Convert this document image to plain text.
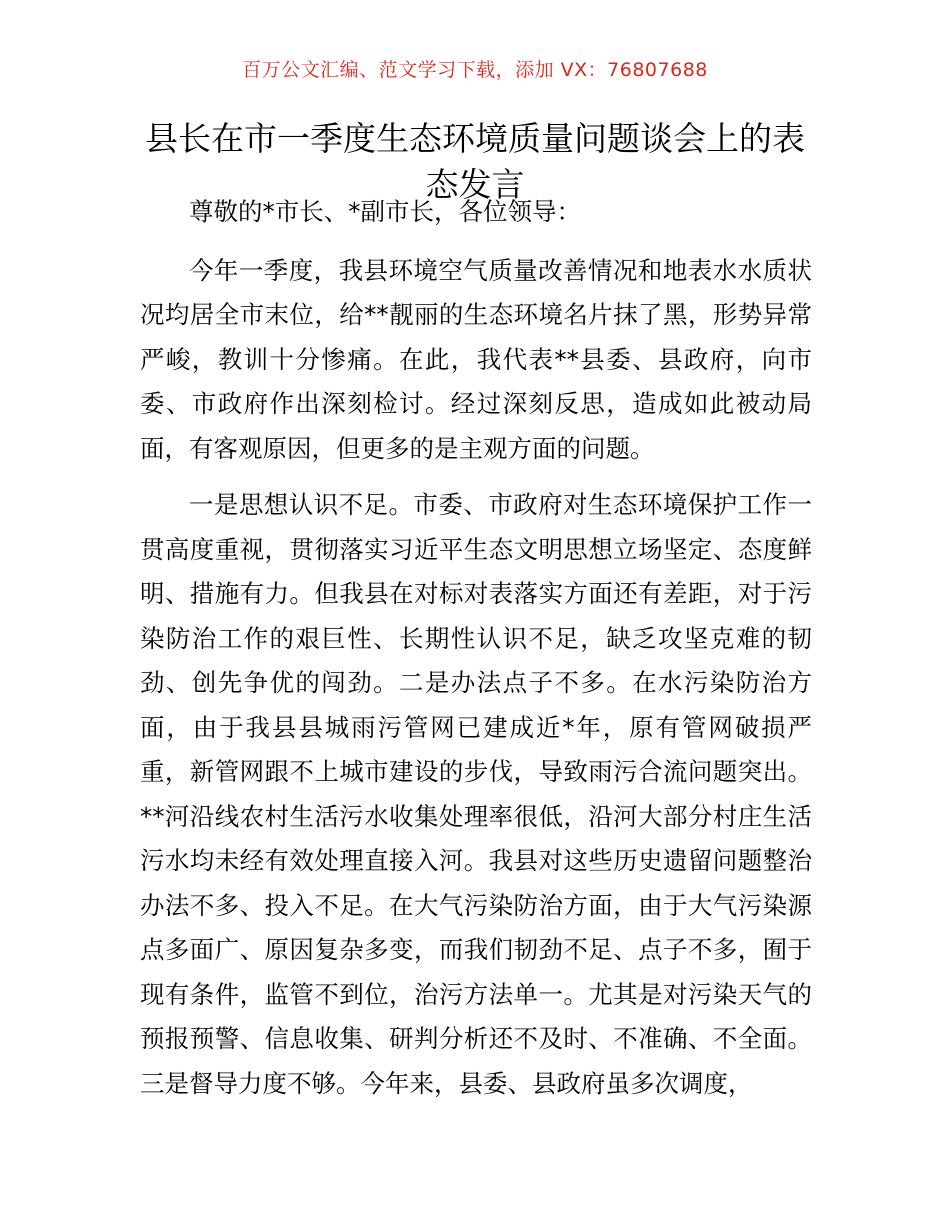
百万公文汇编、范文学习下载，添加 VX：76807688
县长在市一季度生态环境质量问题谈会上的表态发言

尊敬的*市长、*副市长，各位领导：

今年一季度，我县环境空气质量改善情况和地表水水质状况均居全市末位，给**靓丽的生态环境名片抹了黑，形势异常严峻，教训十分惨痛。在此，我代表**县委、县政府，向市委、市政府作出深刻检讨。经过深刻反思，造成如此被动局面，有客观原因，但更多的是主观方面的问题。

一是思想认识不足。市委、市政府对生态环境保护工作一贯高度重视，贯彻落实习近平生态文明思想立场坚定、态度鲜明、措施有力。但我县在对标对表落实方面还有差距，对于污染防治工作的艰巨性、长期性认识不足，缺乏攻坚克难的韧劲、创先争优的闯劲。二是办法点子不多。在水污染防治方面，由于我县县城雨污管网已建成近*年，原有管网破损严重，新管网跟不上城市建设的步伐，导致雨污合流问题突出。**河沿线农村生活污水收集处理率很低，沿河大部分村庄生活污水均未经有效处理直接入河。我县对这些历史遗留问题整治办法不多、投入不足。在大气污染防治方面，由于大气污染源点多面广、原因复杂多变，而我们韧劲不足、点子不多，囿于现有条件，监管不到位，治污方法单一。尤其是对污染天气的预报预警、信息收集、研判分析还不及时、不准确、不全面。三是督导力度不够。今年来，县委、县政府虽多次调度，
